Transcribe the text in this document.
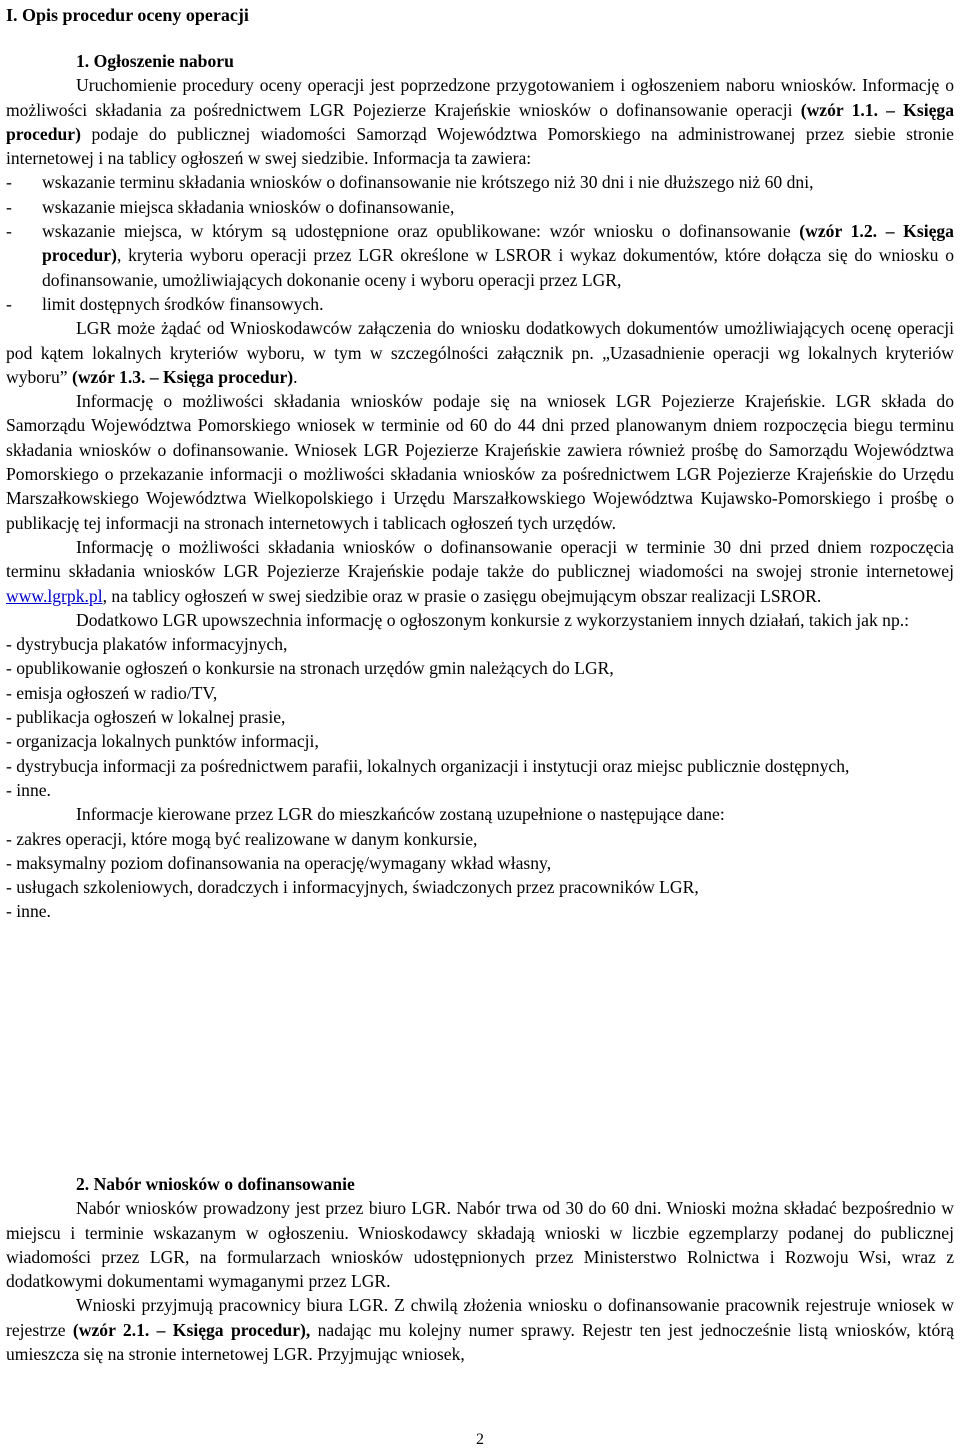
I. Opis procedur oceny operacji

1. Ogłoszenie naboru

Uruchomienie procedury oceny operacji jest poprzedzone przygotowaniem i ogłoszeniem naboru wniosków. Informację o możliwości składania za pośrednictwem LGR Pojezierze Krajeńskie wniosków o dofinansowanie operacji (wzór 1.1. – Księga procedur) podaje do publicznej wiadomości Samorząd Województwa Pomorskiego na administrowanej przez siebie stronie internetowej i na tablicy ogłoszeń w swej siedzibie. Informacja ta zawiera:

-	wskazanie terminu składania wniosków o dofinansowanie nie krótszego niż 30 dni i nie dłuższego niż 60 dni,
-	wskazanie miejsca składania wniosków o dofinansowanie,
-	wskazanie miejsca, w którym są udostępnione oraz opublikowane: wzór wniosku o dofinansowanie (wzór 1.2. – Księga procedur), kryteria wyboru operacji przez LGR określone w LSROR i wykaz dokumentów, które dołącza się do wniosku o dofinansowanie, umożliwiających dokonanie oceny i wyboru operacji przez LGR,
-	limit dostępnych środków finansowych.

LGR może żądać od Wnioskodawców załączenia do wniosku dodatkowych dokumentów umożliwiających ocenę operacji pod kątem lokalnych kryteriów wyboru, w tym w szczególności załącznik pn. „Uzasadnienie operacji wg lokalnych kryteriów wyboru” (wzór 1.3. – Księga procedur).

Informację o możliwości składania wniosków podaje się na wniosek LGR Pojezierze Krajeńskie. LGR składa do Samorządu Województwa Pomorskiego wniosek w terminie od 60 do 44 dni przed planowanym dniem rozpoczęcia biegu terminu składania wniosków o dofinansowanie. Wniosek LGR Pojezierze Krajeńskie zawiera również prośbę do Samorządu Województwa Pomorskiego o przekazanie informacji o możliwości składania wniosków za pośrednictwem LGR Pojezierze Krajeńskie do Urzędu Marszałkowskiego Województwa Wielkopolskiego i Urzędu Marszałkowskiego Województwa Kujawsko-Pomorskiego i prośbę o publikację tej informacji na stronach internetowych i tablicach ogłoszeń tych urzędów.

Informację o możliwości składania wniosków o dofinansowanie operacji w terminie 30 dni przed dniem rozpoczęcia terminu składania wniosków LGR Pojezierze Krajeńskie podaje także do publicznej wiadomości na swojej stronie internetowej www.lgrpk.pl, na tablicy ogłoszeń w swej siedzibie oraz w prasie o zasięgu obejmującym obszar realizacji LSROR.

Dodatkowo LGR upowszechnia informację o ogłoszonym konkursie z wykorzystaniem innych działań, takich jak np.:

- dystrybucja plakatów informacyjnych,

- opublikowanie ogłoszeń o konkursie na stronach urzędów gmin należących do LGR,

- emisja ogłoszeń w radio/TV,

- publikacja ogłoszeń w lokalnej prasie,

- organizacja lokalnych punktów informacji,

- dystrybucja informacji za pośrednictwem parafii, lokalnych organizacji i instytucji oraz miejsc publicznie dostępnych,

- inne.

Informacje kierowane przez LGR do mieszkańców zostaną uzupełnione o następujące dane:

- zakres operacji, które mogą być realizowane w danym konkursie,

- maksymalny poziom dofinansowania na operację/wymagany wkład własny,

- usługach szkoleniowych, doradczych i informacyjnych, świadczonych przez pracowników LGR,

- inne.

2. Nabór wniosków o dofinansowanie

Nabór wniosków prowadzony jest przez biuro LGR. Nabór trwa od 30 do 60 dni. Wnioski można składać bezpośrednio w miejscu i terminie wskazanym w ogłoszeniu. Wnioskodawcy składają wnioski w liczbie egzemplarzy podanej do publicznej wiadomości przez LGR, na formularzach wniosków udostępnionych przez Ministerstwo Rolnictwa i Rozwoju Wsi, wraz z dodatkowymi dokumentami wymaganymi przez LGR.

Wnioski przyjmują pracownicy biura LGR. Z chwilą złożenia wniosku o dofinansowanie pracownik rejestruje wniosek w rejestrze (wzór 2.1. – Księga procedur), nadając mu kolejny numer sprawy. Rejestr ten jest jednocześnie listą wniosków, którą umieszcza się na stronie internetowej LGR. Przyjmując wniosek,

2
